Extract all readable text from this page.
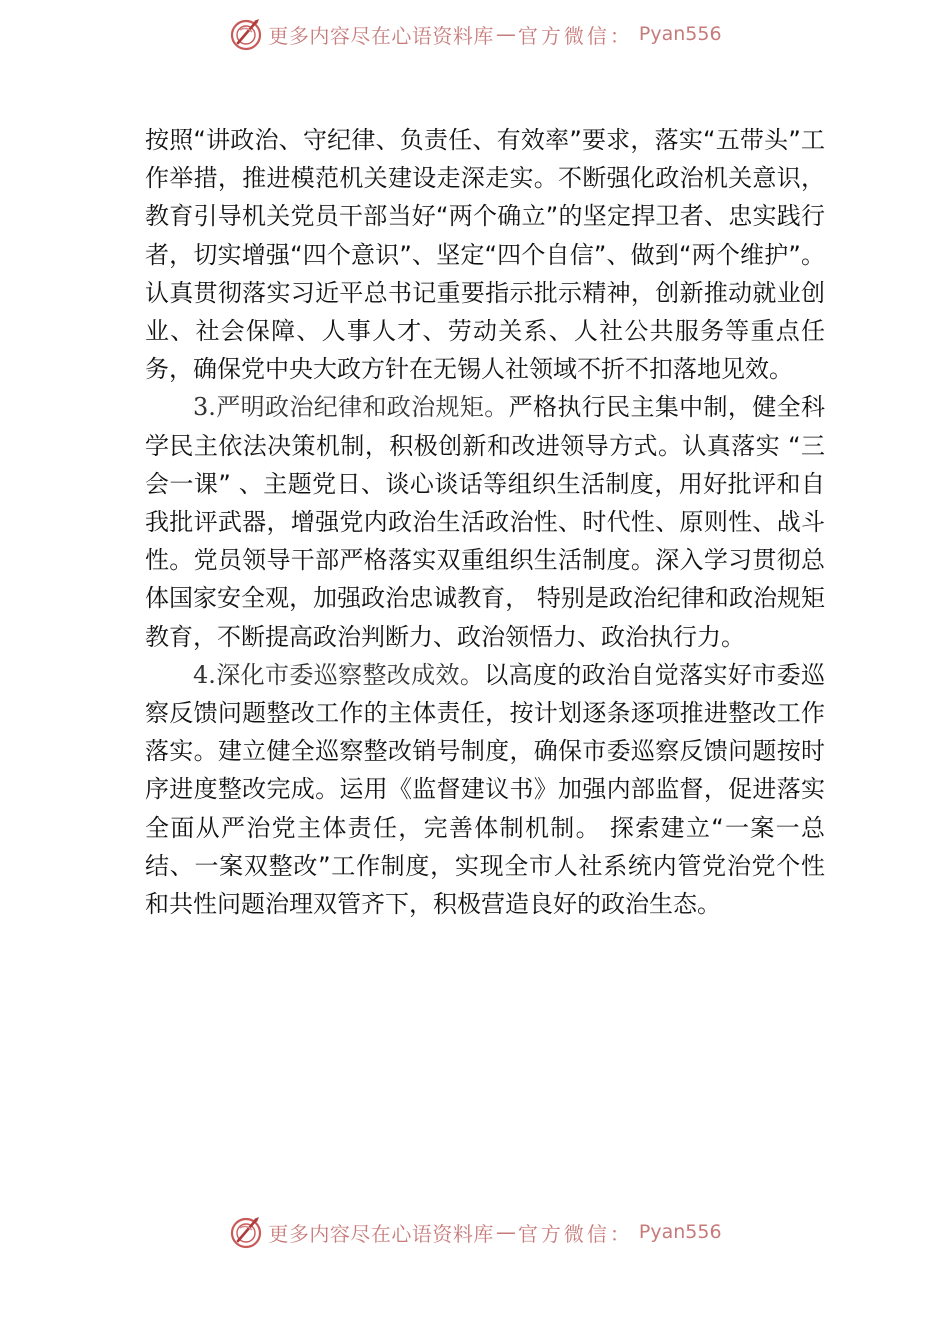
更多内容尽在心语资料库 — 官方微信： Pyan556

按照“讲政治、守纪律、负责任、有效率”要求，落实“五带头”工作举措，推进模范机关建设走深走实。不断强化政治机关意识，教育引导机关党员干部当好“两个确立”的坚定捍卫者、忠实践行者，切实增强“四个意识”、坚定“四个自信”、做到“两个维护”。认真贯彻落实习近平总书记重要指示批示精神，创新推动就业创业、社会保障、人事人才、劳动关系、人社公共服务等重点任务，确保党中央大政方针在无锡人社领域不折不扣落地见效。

3.严明政治纪律和政治规矩。严格执行民主集中制，健全科学民主依法决策机制，积极创新和改进领导方式。认真落实 “三会一课” 、主题党日、谈心谈话等组织生活制度，用好批评和自我批评武器，增强党内政治生活政治性、时代性、原则性、战斗性。党员领导干部严格落实双重组织生活制度。深入学习贯彻总体国家安全观，加强政治忠诚教育， 特别是政治纪律和政治规矩教育，不断提高政治判断力、政治领悟力、政治执行力。

4.深化市委巡察整改成效。以高度的政治自觉落实好市委巡察反馈问题整改工作的主体责任，按计划逐条逐项推进整改工作落实。建立健全巡察整改销号制度，确保市委巡察反馈问题按时序进度整改完成。运用《监督建议书》加强内部监督，促进落实全面从严治党主体责任，完善体制机制。 探索建立“一案一总结、一案双整改”工作制度，实现全市人社系统内管党治党个性和共性问题治理双管齐下，积极营造良好的政治生态。

更多内容尽在心语资料库 — 官方微信： Pyan556
